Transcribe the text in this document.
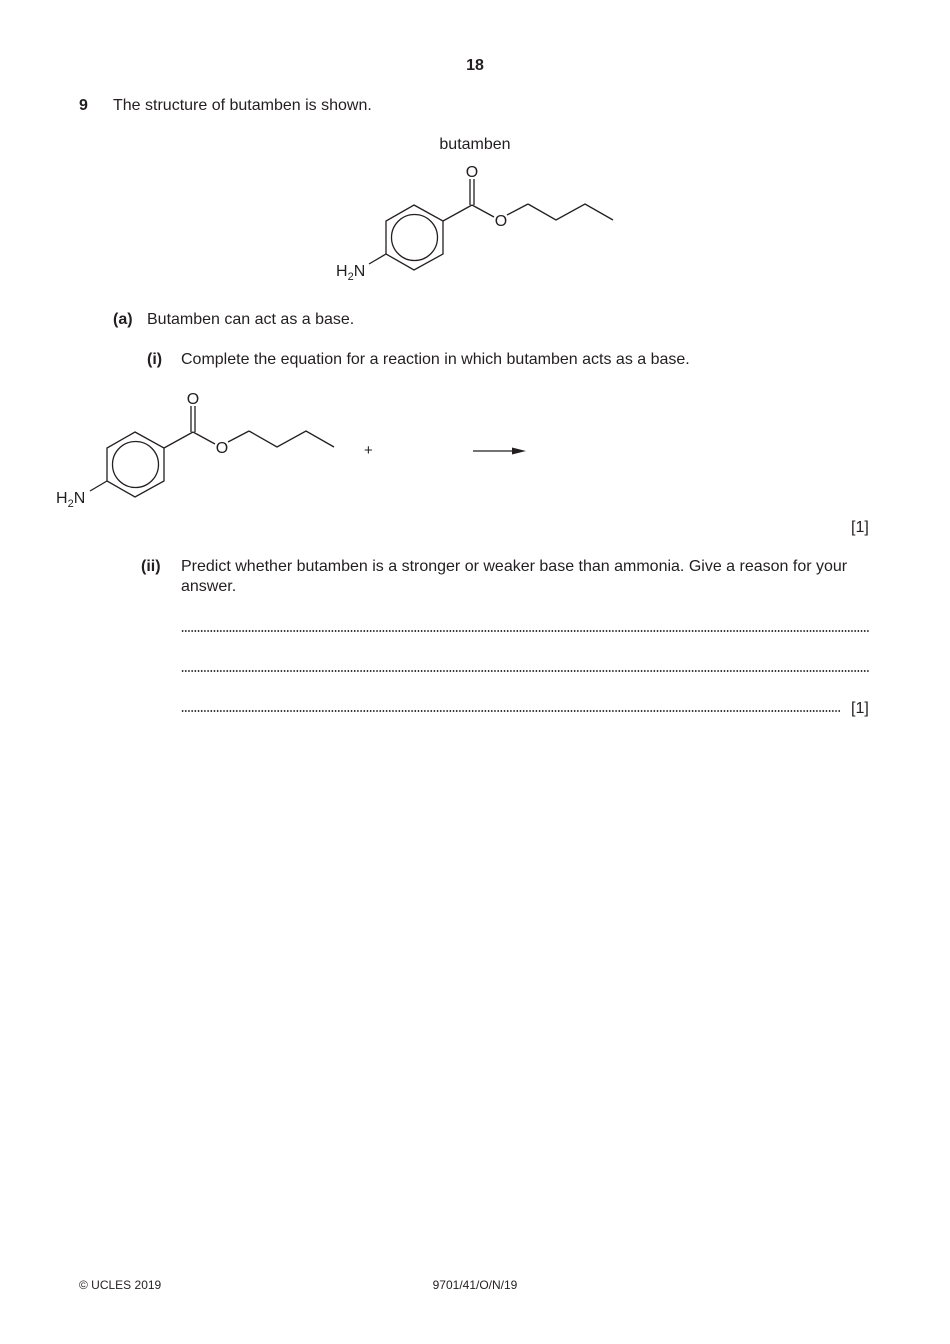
18
9 The structure of butamben is shown.
butamben
O
O
$H_2N$
(a) Butamben can act as a base.
(i) Complete the equation for a reaction in which butamben acts as a base.
O
O
$H_2N$
+
[1]
(ii) Predict whether butamben is a stronger or weaker base than ammonia. Give a reason for your answer.
[1]
© UCLES 2019	9701/41/O/N/19
